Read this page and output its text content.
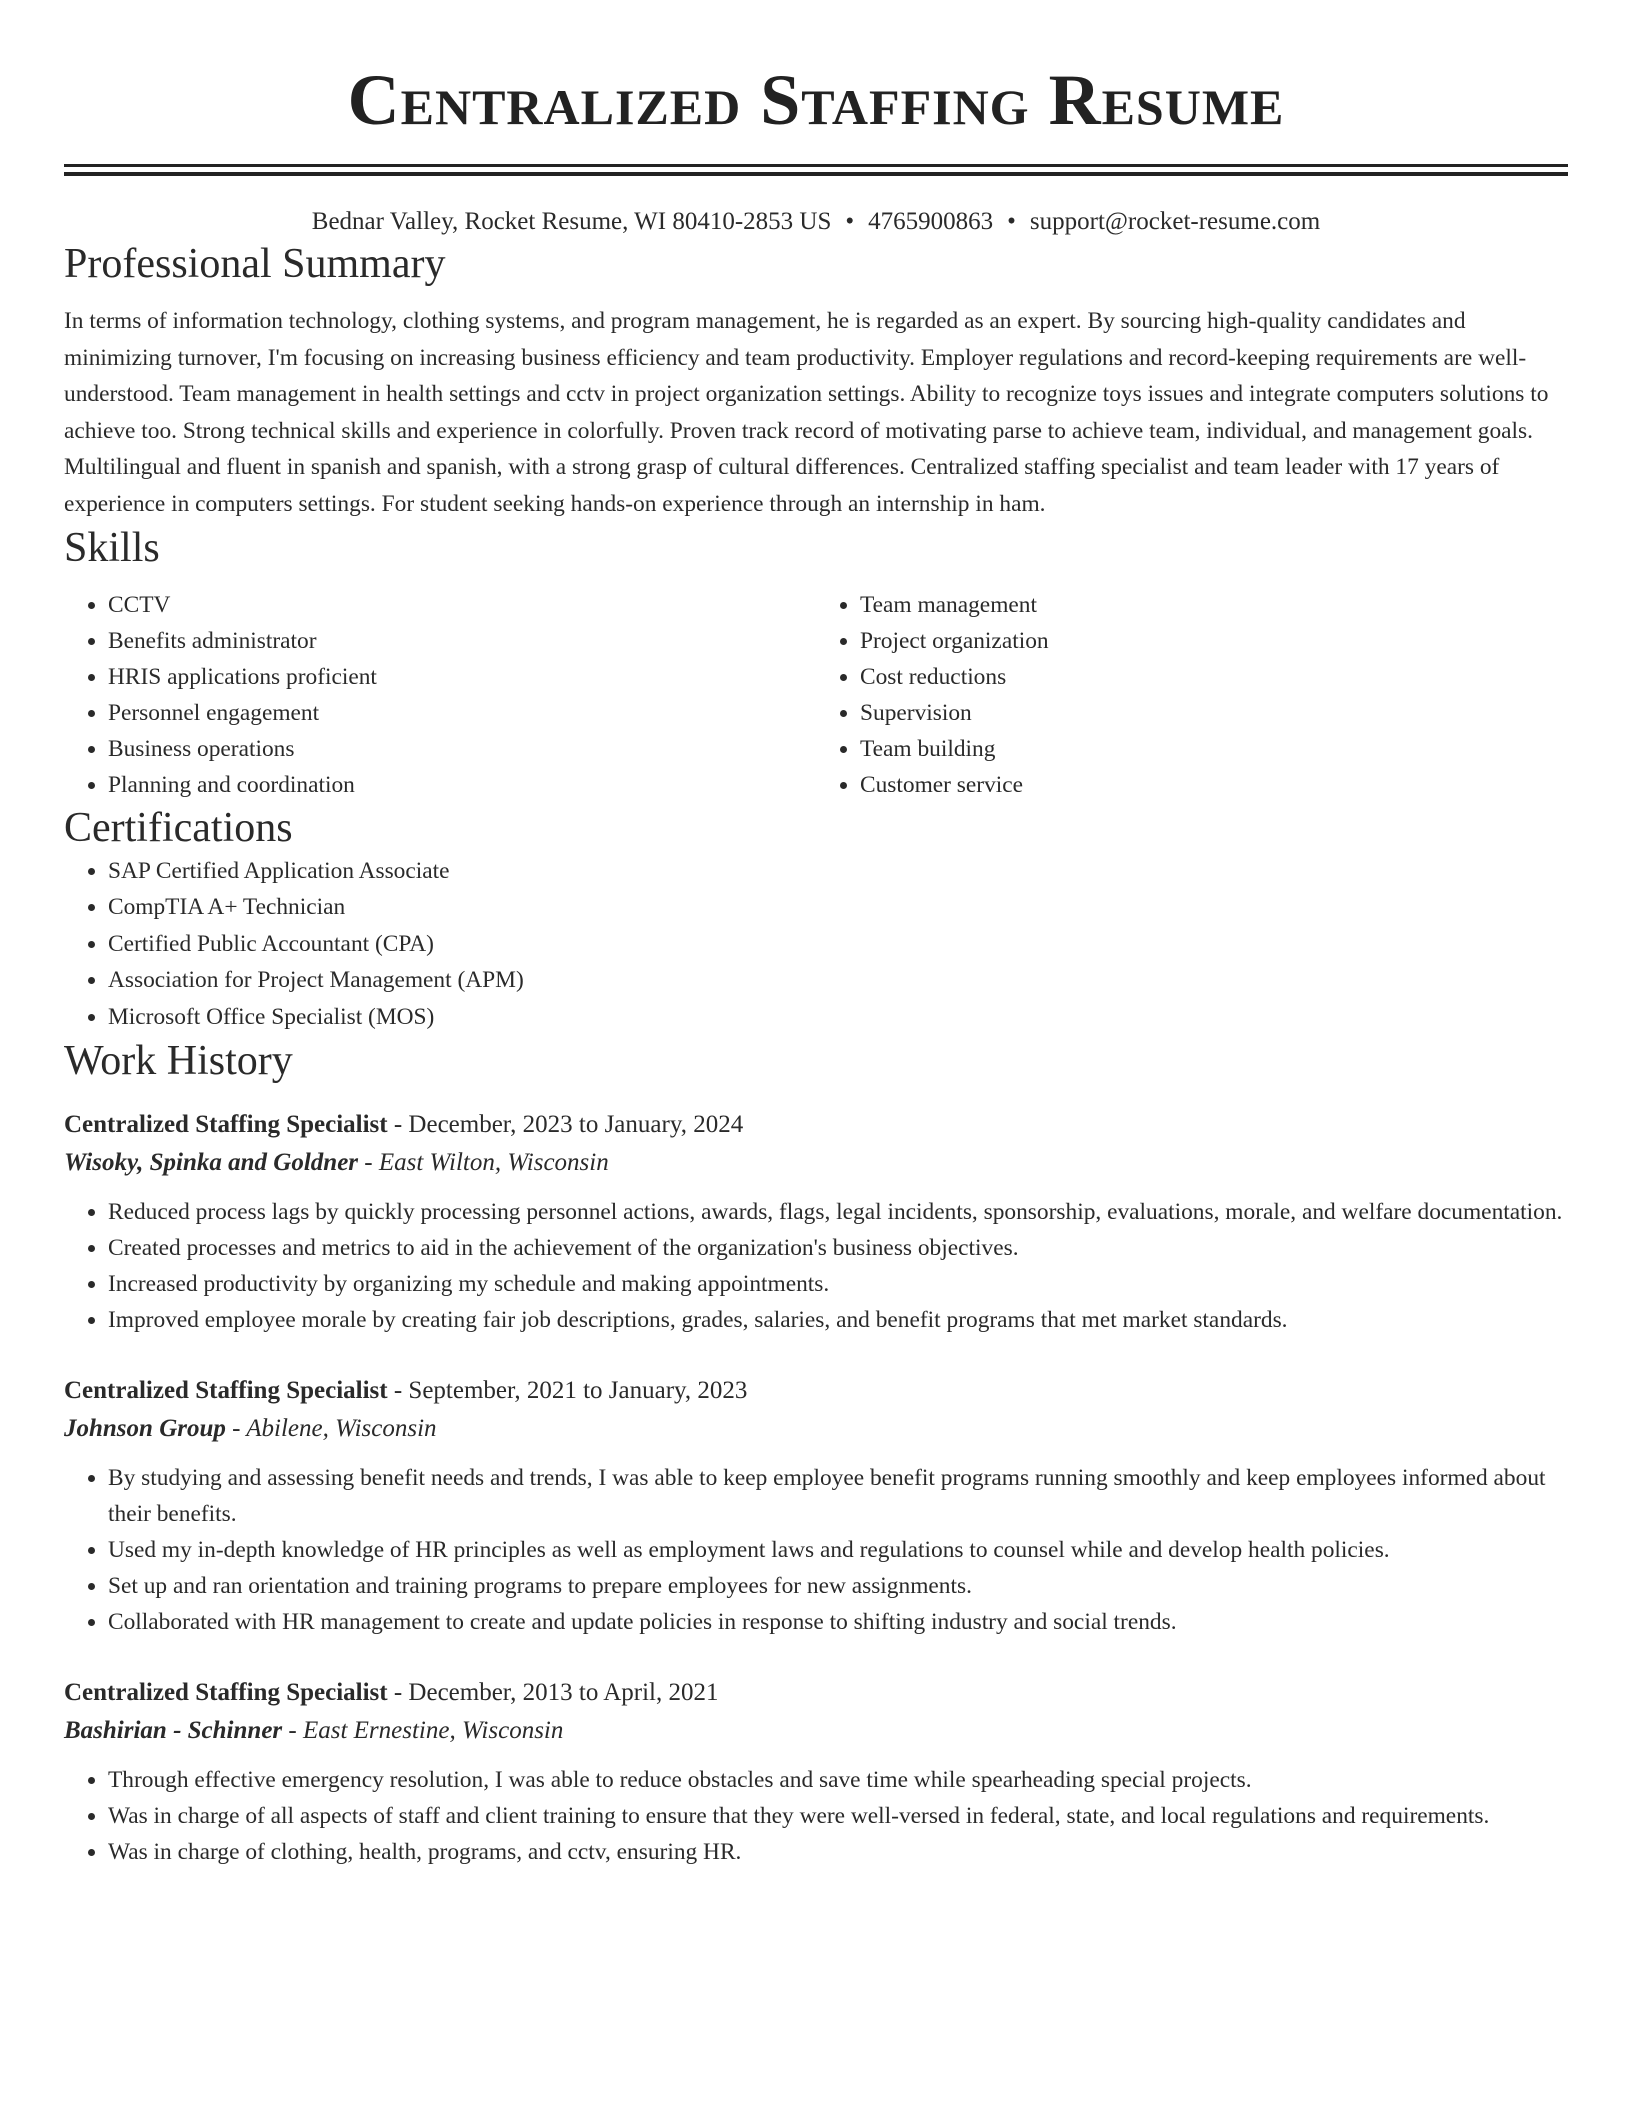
Centralized Staffing Resume
Bednar Valley, Rocket Resume, WI 80410-2853 US • 4765900863 • support@rocket-resume.com
Professional Summary
In terms of information technology, clothing systems, and program management, he is regarded as an expert. By sourcing high-quality candidates and minimizing turnover, I'm focusing on increasing business efficiency and team productivity. Employer regulations and record-keeping requirements are well-understood. Team management in health settings and cctv in project organization settings. Ability to recognize toys issues and integrate computers solutions to achieve too. Strong technical skills and experience in colorfully. Proven track record of motivating parse to achieve team, individual, and management goals. Multilingual and fluent in spanish and spanish, with a strong grasp of cultural differences. Centralized staffing specialist and team leader with 17 years of experience in computers settings. For student seeking hands-on experience through an internship in ham.
Skills
• CCTV
• Benefits administrator
• HRIS applications proficient
• Personnel engagement
• Business operations
• Planning and coordination
• Team management
• Project organization
• Cost reductions
• Supervision
• Team building
• Customer service
Certifications
• SAP Certified Application Associate
• CompTIA A+ Technician
• Certified Public Accountant (CPA)
• Association for Project Management (APM)
• Microsoft Office Specialist (MOS)
Work History
Centralized Staffing Specialist - December, 2023 to January, 2024
Wisoky, Spinka and Goldner - East Wilton, Wisconsin
• Reduced process lags by quickly processing personnel actions, awards, flags, legal incidents, sponsorship, evaluations, morale, and welfare documentation.
• Created processes and metrics to aid in the achievement of the organization's business objectives.
• Increased productivity by organizing my schedule and making appointments.
• Improved employee morale by creating fair job descriptions, grades, salaries, and benefit programs that met market standards.
Centralized Staffing Specialist - September, 2021 to January, 2023
Johnson Group - Abilene, Wisconsin
• By studying and assessing benefit needs and trends, I was able to keep employee benefit programs running smoothly and keep employees informed about their benefits.
• Used my in-depth knowledge of HR principles as well as employment laws and regulations to counsel while and develop health policies.
• Set up and ran orientation and training programs to prepare employees for new assignments.
• Collaborated with HR management to create and update policies in response to shifting industry and social trends.
Centralized Staffing Specialist - December, 2013 to April, 2021
Bashirian - Schinner - East Ernestine, Wisconsin
• Through effective emergency resolution, I was able to reduce obstacles and save time while spearheading special projects.
• Was in charge of all aspects of staff and client training to ensure that they were well-versed in federal, state, and local regulations and requirements.
• Was in charge of clothing, health, programs, and cctv, ensuring HR.
